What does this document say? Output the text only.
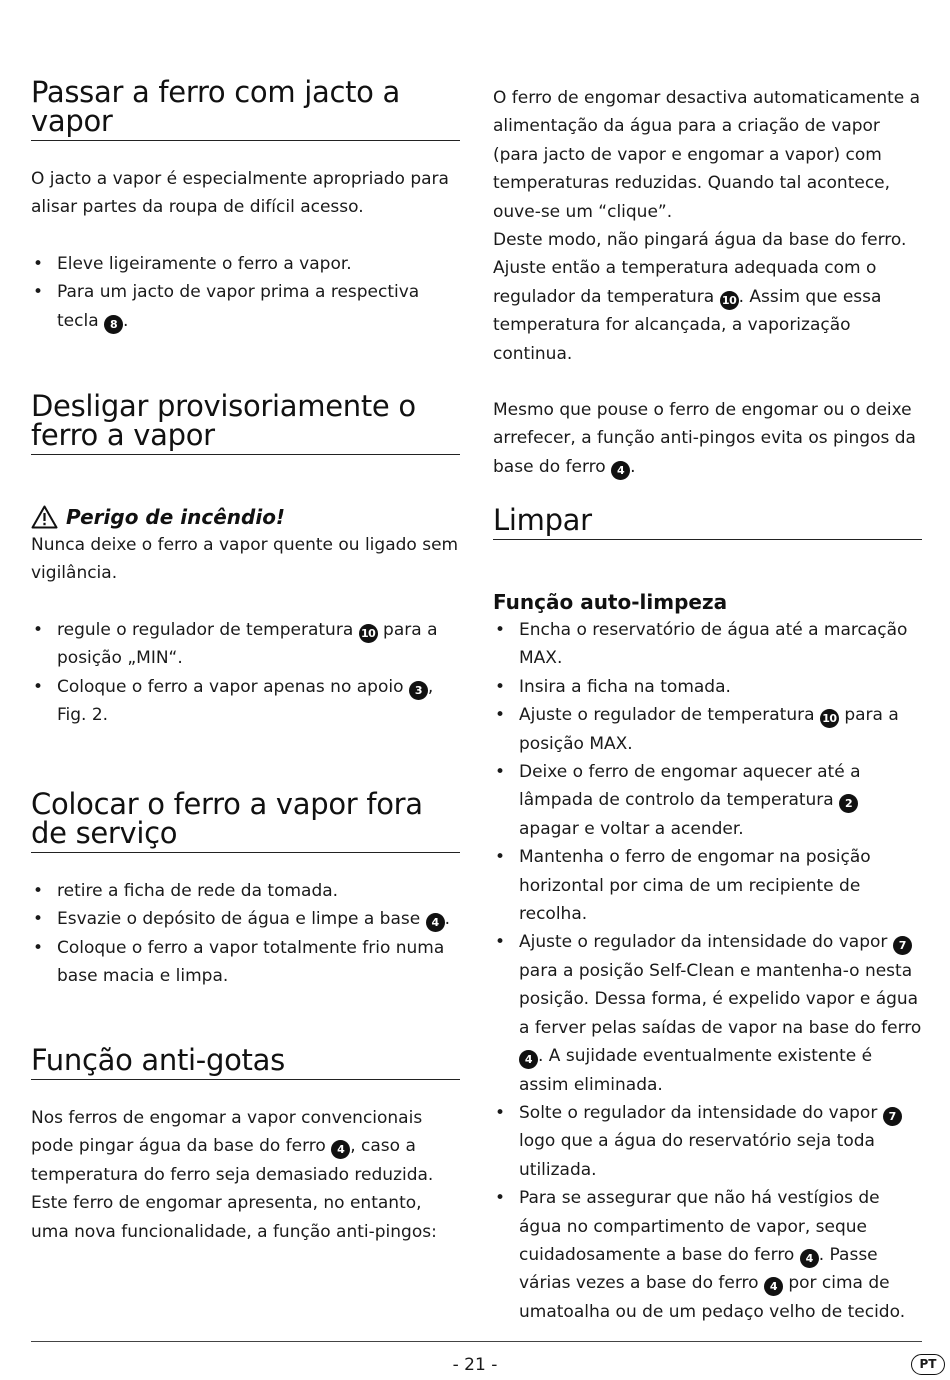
Passar a ferro com jacto a vapor

O jacto a vapor é especialmente apropriado para alisar partes da roupa de difícil acesso.

• Eleve ligeiramente o ferro a vapor.
• Para um jacto de vapor prima a respectiva tecla 8 .
Desligar provisoriamente o ferro a vapor
Perigo de incêndio!

Nunca deixe o ferro a vapor quente ou ligado sem vigilância.

• regule o regulador de temperatura 10 para a posição „MIN“.
• Coloque o ferro a vapor apenas no apoio 3 , Fig. 2.
Colocar o ferro a vapor fora de serviço
• retire a ficha de rede da tomada.
• Esvazie o depósito de água e limpe a base 4 .
• Coloque o ferro a vapor totalmente frio numa base macia e limpa.
Função anti-gotas

Nos ferros de engomar a vapor convencionais pode pingar água da base do ferro 4 , caso a temperatura do ferro seja demasiado reduzida. Este ferro de engomar apresenta, no entanto, uma nova funcionalidade, a função anti-pingos:

O ferro de engomar desactiva automaticamente a alimentação da água para a criação de vapor (para jacto de vapor e engomar a vapor) com temperaturas reduzidas. Quando tal acontece, ouve-se um “clique”.

Deste modo, não pingará água da base do ferro. Ajuste então a temperatura adequada com o regulador da temperatura 10 . Assim que essa temperatura for alcançada, a vaporização continua.

Mesmo que pouse o ferro de engomar ou o deixe arrefecer, a função anti-pingos evita os pingos da base do ferro 4 .

Limpar
Função auto-limpeza
• Encha o reservatório de água até a marcação MAX.
• Insira a ficha na tomada.
• Ajuste o regulador de temperatura 10 para a posição MAX.
• Deixe o ferro de engomar aquecer até a lâmpada de controlo da temperatura 2 apagar e voltar a acender.
• Mantenha o ferro de engomar na posição horizontal por cima de um recipiente de recolha.
• Ajuste o regulador da intensidade do vapor 7 para a posição Self-Clean e mantenha-o nesta posição. Dessa forma, é expelido vapor e água a ferver pelas saídas de vapor na base do ferro 4 . A sujidade eventualmente existente é assim eliminada.
• Solte o regulador da intensidade do vapor 7 logo que a água do reservatório seja toda utilizada.
• Para se assegurar que não há vestígios de água no compartimento de vapor, seque cuidadosamente a base do ferro 4 . Passe várias vezes a base do ferro 4 por cima de umatoalha ou de um pedaço velho de tecido.
- 21 -	PT
